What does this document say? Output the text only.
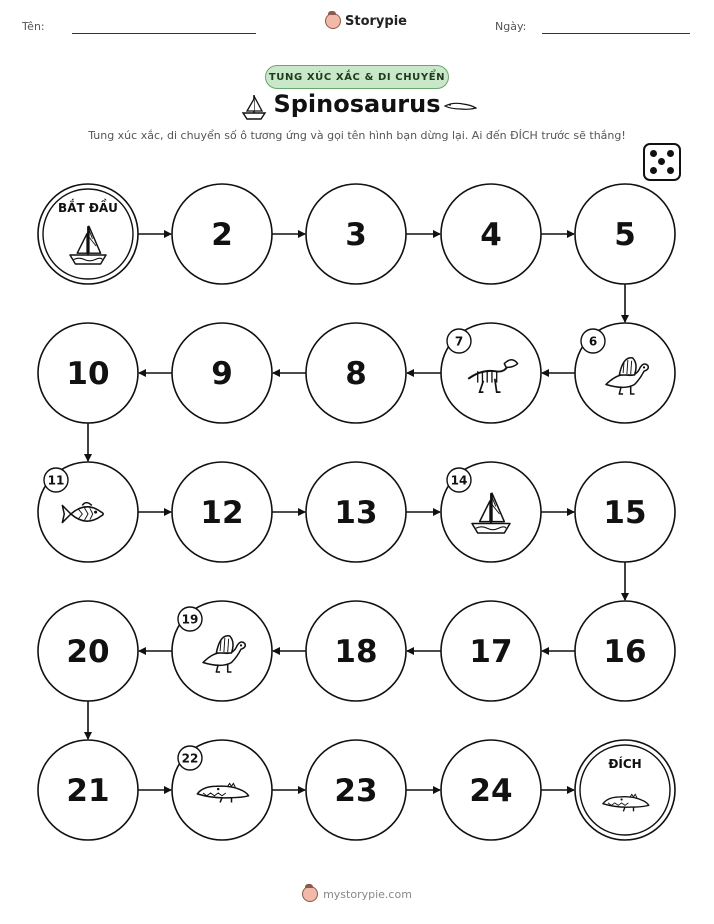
Tên:	Storypie	Ngày:
TUNG XÚC XẮC & DI CHUYỂN
Spinosaurus
Tung xúc xắc, di chuyển số ô tương ứng và gọi tên hình bạn dừng lại. Ai đến ĐÍCH trước sẽ thắng!
BẮT ĐẦU
2	3	4	5
6
7
8
9
10
11
12	13
14
15
16
17
18
19
20
21
22
23	24
ĐÍCH
mystorypie.com
